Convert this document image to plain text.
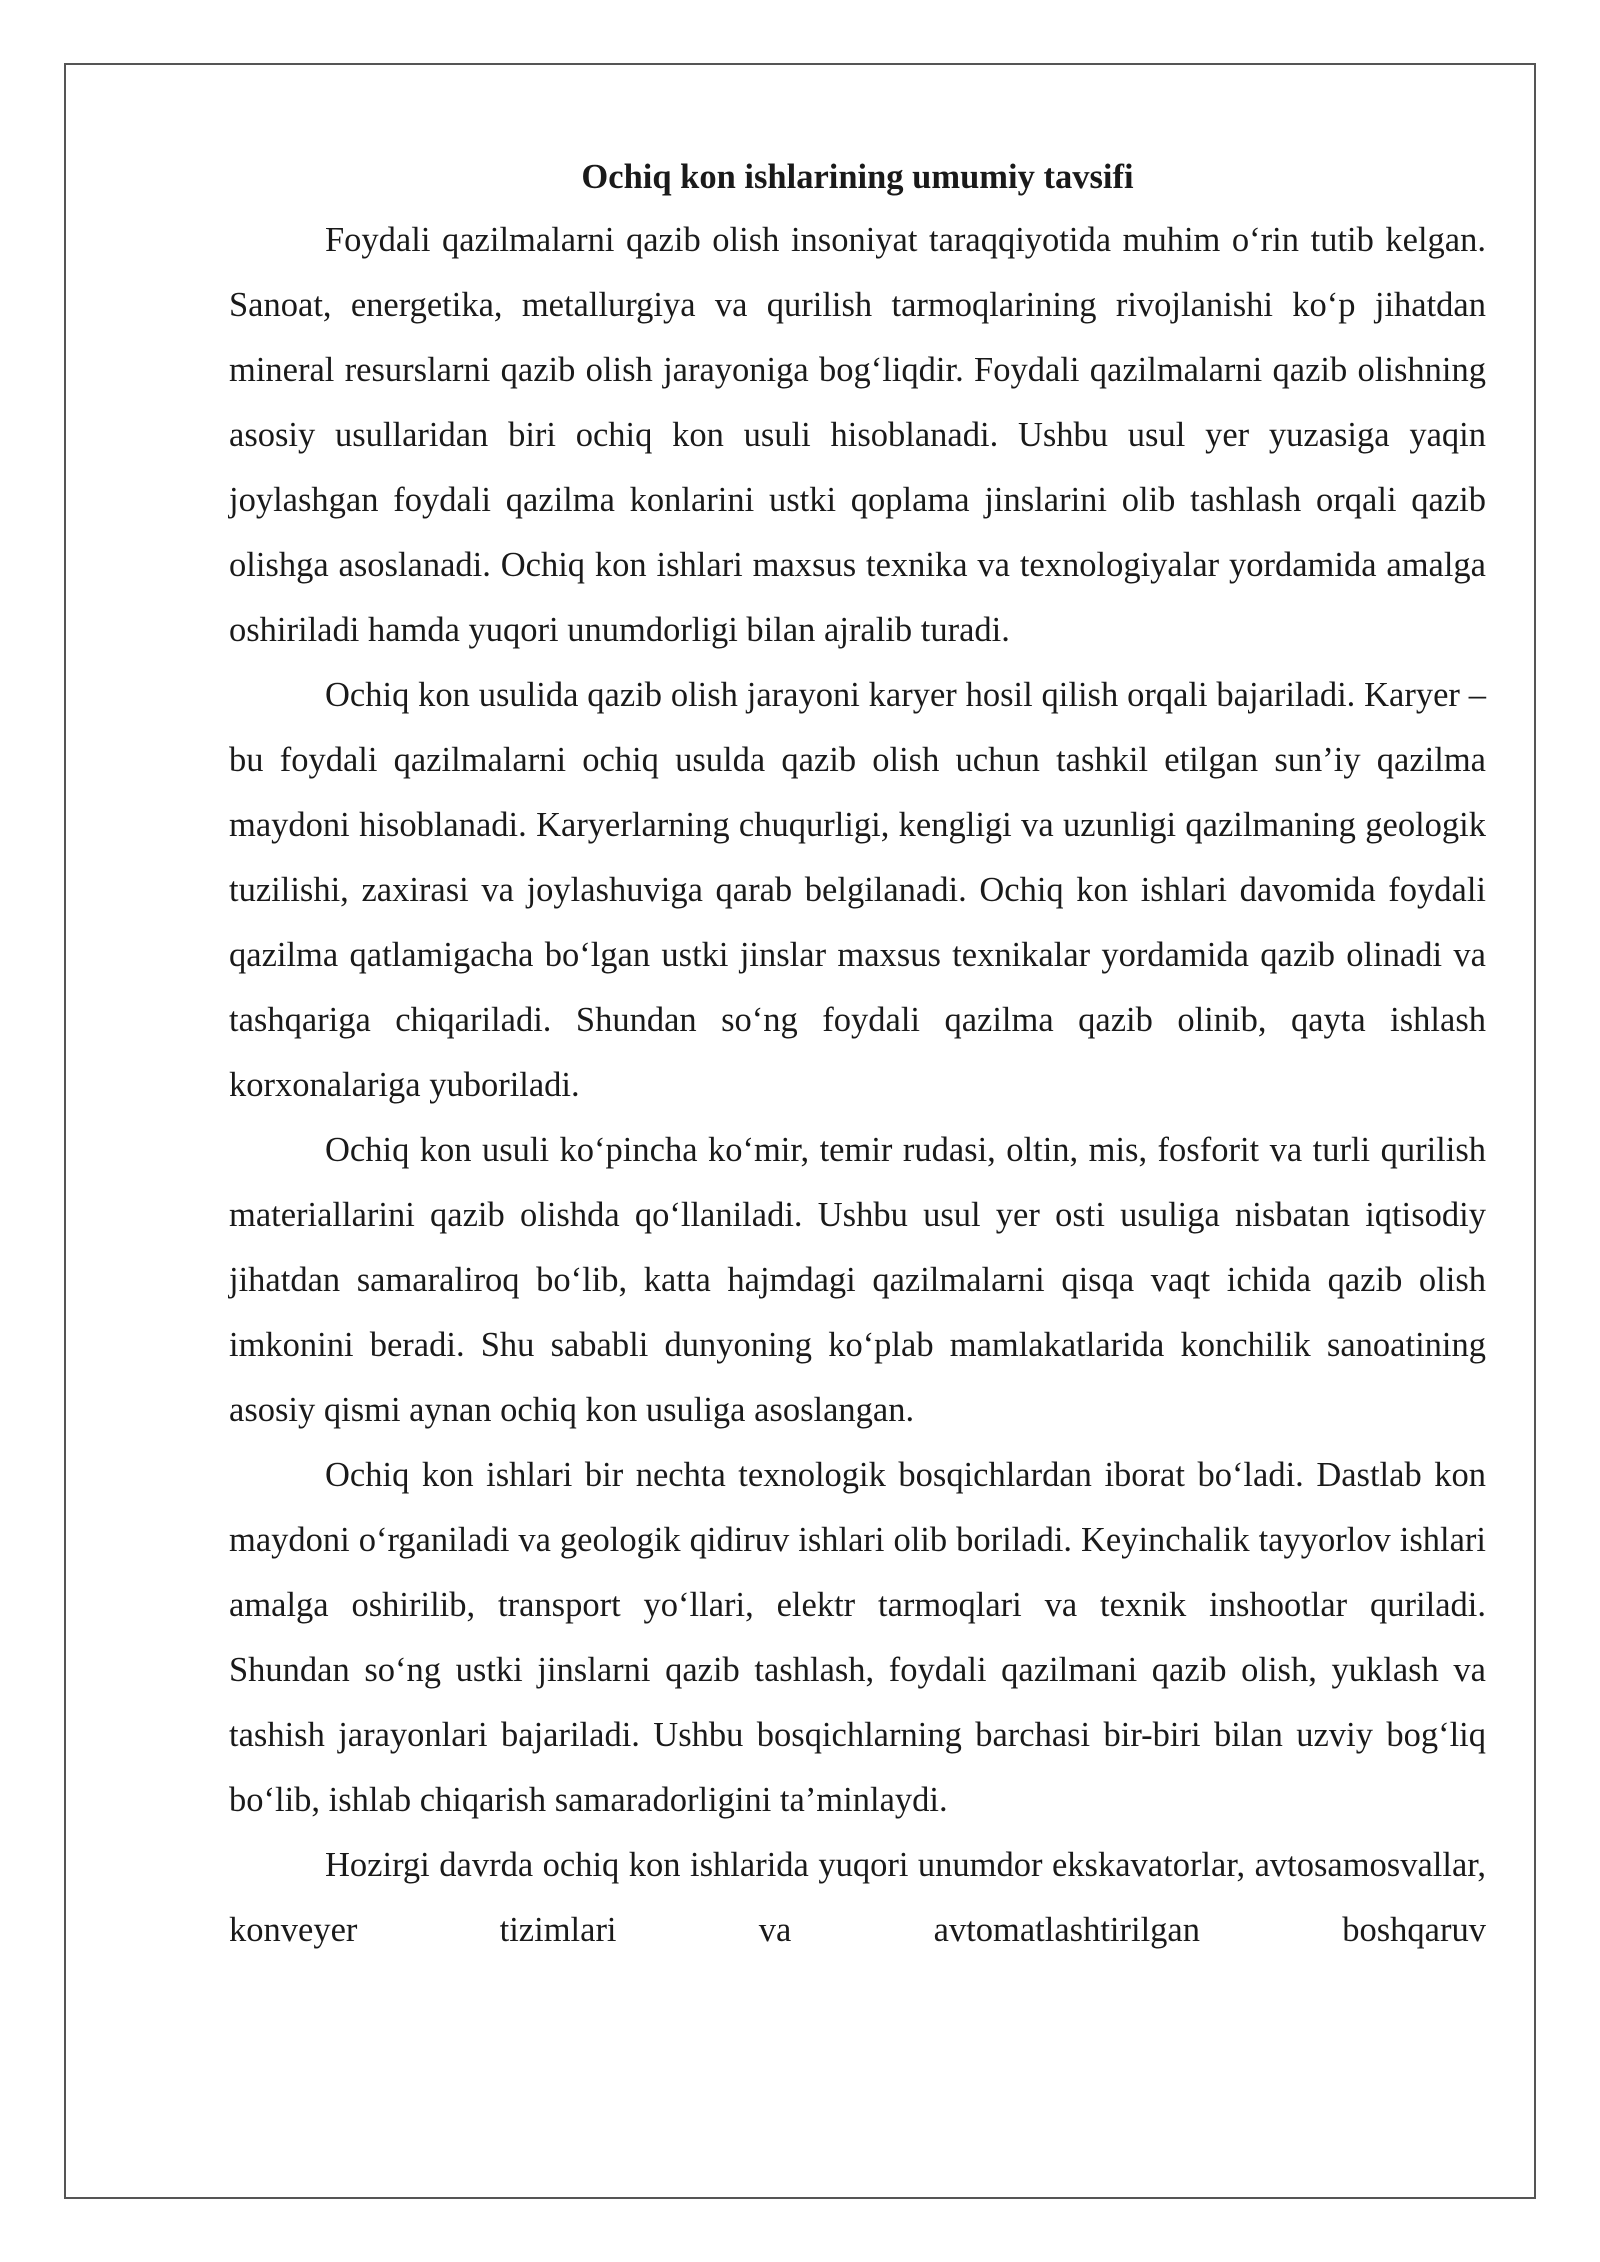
Ochiq kon ishlarining umumiy tavsifi

Foydali qazilmalarni qazib olish insoniyat taraqqiyotida muhim o‘rin tutib kelgan. Sanoat, energetika, metallurgiya va qurilish tarmoqlarining rivojlanishi ko‘p jihatdan mineral resurslarni qazib olish jarayoniga bog‘liqdir. Foydali qazilmalarni qazib olishning asosiy usullaridan biri ochiq kon usuli hisoblanadi. Ushbu usul yer yuzasiga yaqin joylashgan foydali qazilma konlarini ustki qoplama jinslarini olib tashlash orqali qazib olishga asoslanadi. Ochiq kon ishlari maxsus texnika va texnologiyalar yordamida amalga oshiriladi hamda yuqori unumdorligi bilan ajralib turadi.

Ochiq kon usulida qazib olish jarayoni karyer hosil qilish orqali bajariladi. Karyer – bu foydali qazilmalarni ochiq usulda qazib olish uchun tashkil etilgan sun’iy qazilma maydoni hisoblanadi. Karyerlarning chuqurligi, kengligi va uzunligi qazilmaning geologik tuzilishi, zaxirasi va joylashuviga qarab belgilanadi. Ochiq kon ishlari davomida foydali qazilma qatlamigacha bo‘lgan ustki jinslar maxsus texnikalar yordamida qazib olinadi va tashqariga chiqariladi. Shundan so‘ng foydali qazilma qazib olinib, qayta ishlash korxonalariga yuboriladi.

Ochiq kon usuli ko‘pincha ko‘mir, temir rudasi, oltin, mis, fosforit va turli qurilish materiallarini qazib olishda qo‘llaniladi. Ushbu usul yer osti usuliga nisbatan iqtisodiy jihatdan samaraliroq bo‘lib, katta hajmdagi qazilmalarni qisqa vaqt ichida qazib olish imkonini beradi. Shu sababli dunyoning ko‘plab mamlakatlarida konchilik sanoatining asosiy qismi aynan ochiq kon usuliga asoslangan.

Ochiq kon ishlari bir nechta texnologik bosqichlardan iborat bo‘ladi. Dastlab kon maydoni o‘rganiladi va geologik qidiruv ishlari olib boriladi. Keyinchalik tayyorlov ishlari amalga oshirilib, transport yo‘llari, elektr tarmoqlari va texnik inshootlar quriladi. Shundan so‘ng ustki jinslarni qazib tashlash, foydali qazilmani qazib olish, yuklash va tashish jarayonlari bajariladi. Ushbu bosqichlarning barchasi bir-biri bilan uzviy bog‘liq bo‘lib, ishlab chiqarish samaradorligini ta’minlaydi.

Hozirgi davrda ochiq kon ishlarida yuqori unumdor ekskavatorlar, avtosamosvallar, konveyer tizimlari va avtomatlashtirilgan boshqaruv
